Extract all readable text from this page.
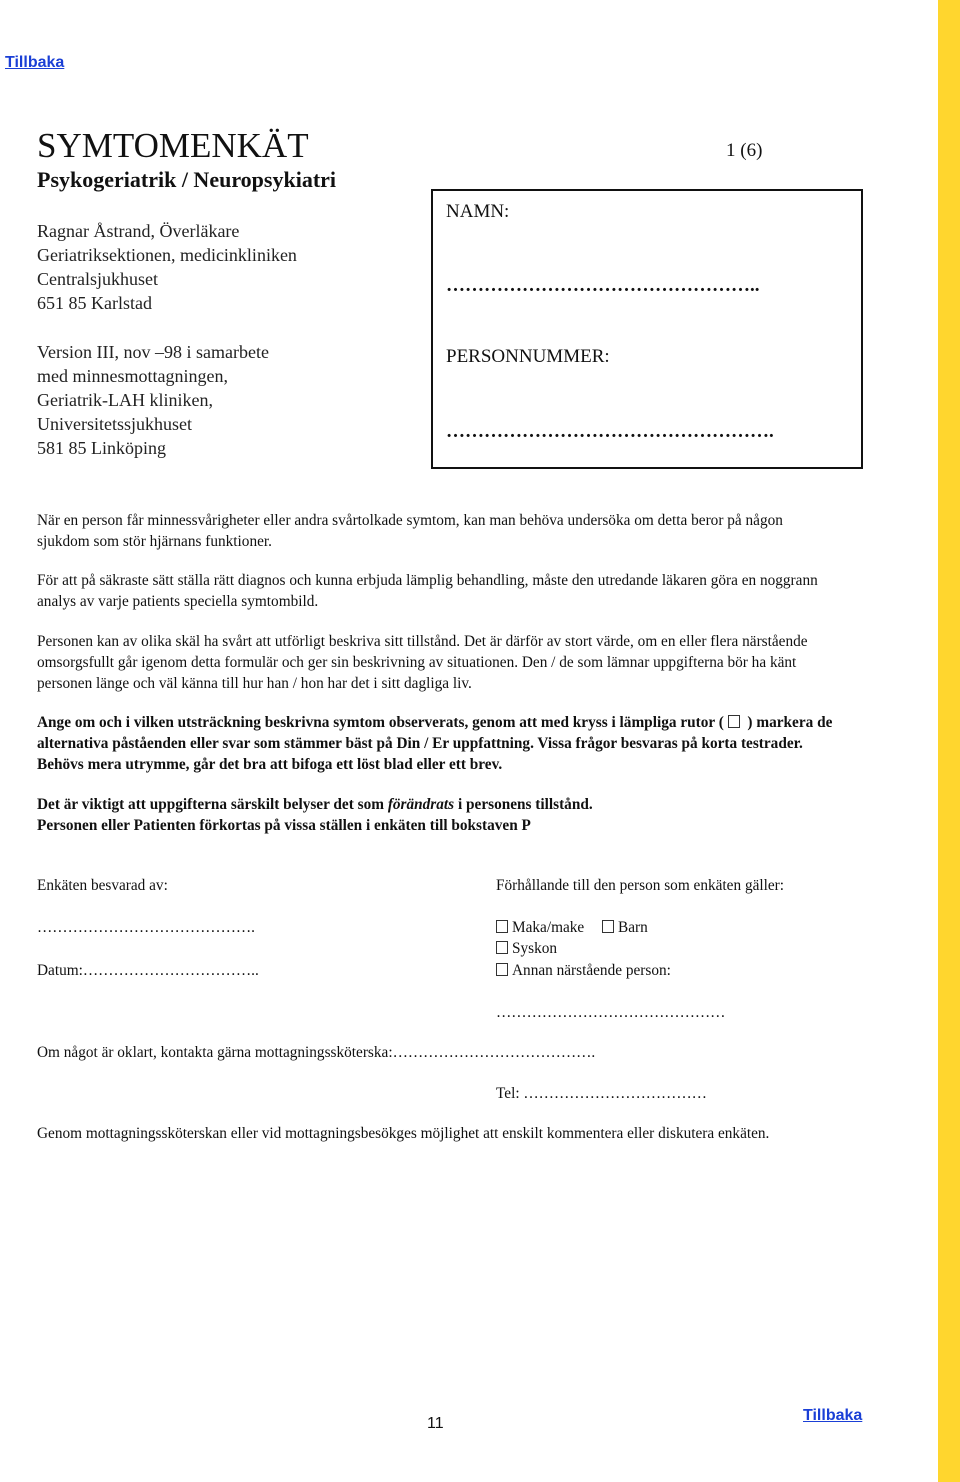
Tillbaka
SYMTOMENKÄT
Psykogeriatrik / Neuropsykiatri
1 (6)
Ragnar Åstrand, Överläkare
Geriatriksektionen, medicinkliniken
Centralsjukhuset
651 85 Karlstad
Version III, nov –98 i samarbete
med minnesmottagningen,
Geriatrik-LAH kliniken,
Universitetssjukhuset
581 85 Linköping
NAMN:
…………………………………………..
PERSONNUMMER:
…………………………………………….
När en person får minnessvårigheter eller andra svårtolkade symtom, kan man behöva undersöka om detta beror på någon sjukdom som stör hjärnans funktioner.
För att på säkraste sätt ställa rätt diagnos och kunna erbjuda lämplig behandling, måste den utredande läkaren göra en noggrann analys av varje patients speciella symtombild.
Personen kan av olika skäl ha svårt att utförligt beskriva sitt tillstånd. Det är därför av stort värde, om en eller flera närstående omsorgsfullt går igenom detta formulär och ger sin beskrivning av situationen. Den / de som lämnar uppgifterna bör ha känt personen länge och väl känna till hur han / hon har det i sitt dagliga liv.
Ange om och i vilken utsträckning beskrivna symtom observerats, genom att med kryss i lämpliga rutor (  ) markera de alternativa påståenden eller svar som stämmer bäst på Din / Er uppfattning. Vissa frågor besvaras på korta testrader. Behövs mera utrymme, går det bra att bifoga ett löst blad eller ett brev.
Det är viktigt att uppgifterna särskilt belyser det som förändrats i personens tillstånd.
Personen eller Patienten förkortas på vissa ställen i enkäten till bokstaven P
Enkäten besvarad av:
…………………………………….
Datum:……………………………..
Förhållande till den person som enkäten gäller:
Maka/make Barn
Syskon
Annan närstående person:
………………………………………
Om något är oklart, kontakta gärna mottagningssköterska:………………………………….
Tel: ………………………………
Genom mottagningssköterskan eller vid mottagningsbesökges möjlighet att enskilt kommentera eller diskutera enkäten.
11	Tillbaka
